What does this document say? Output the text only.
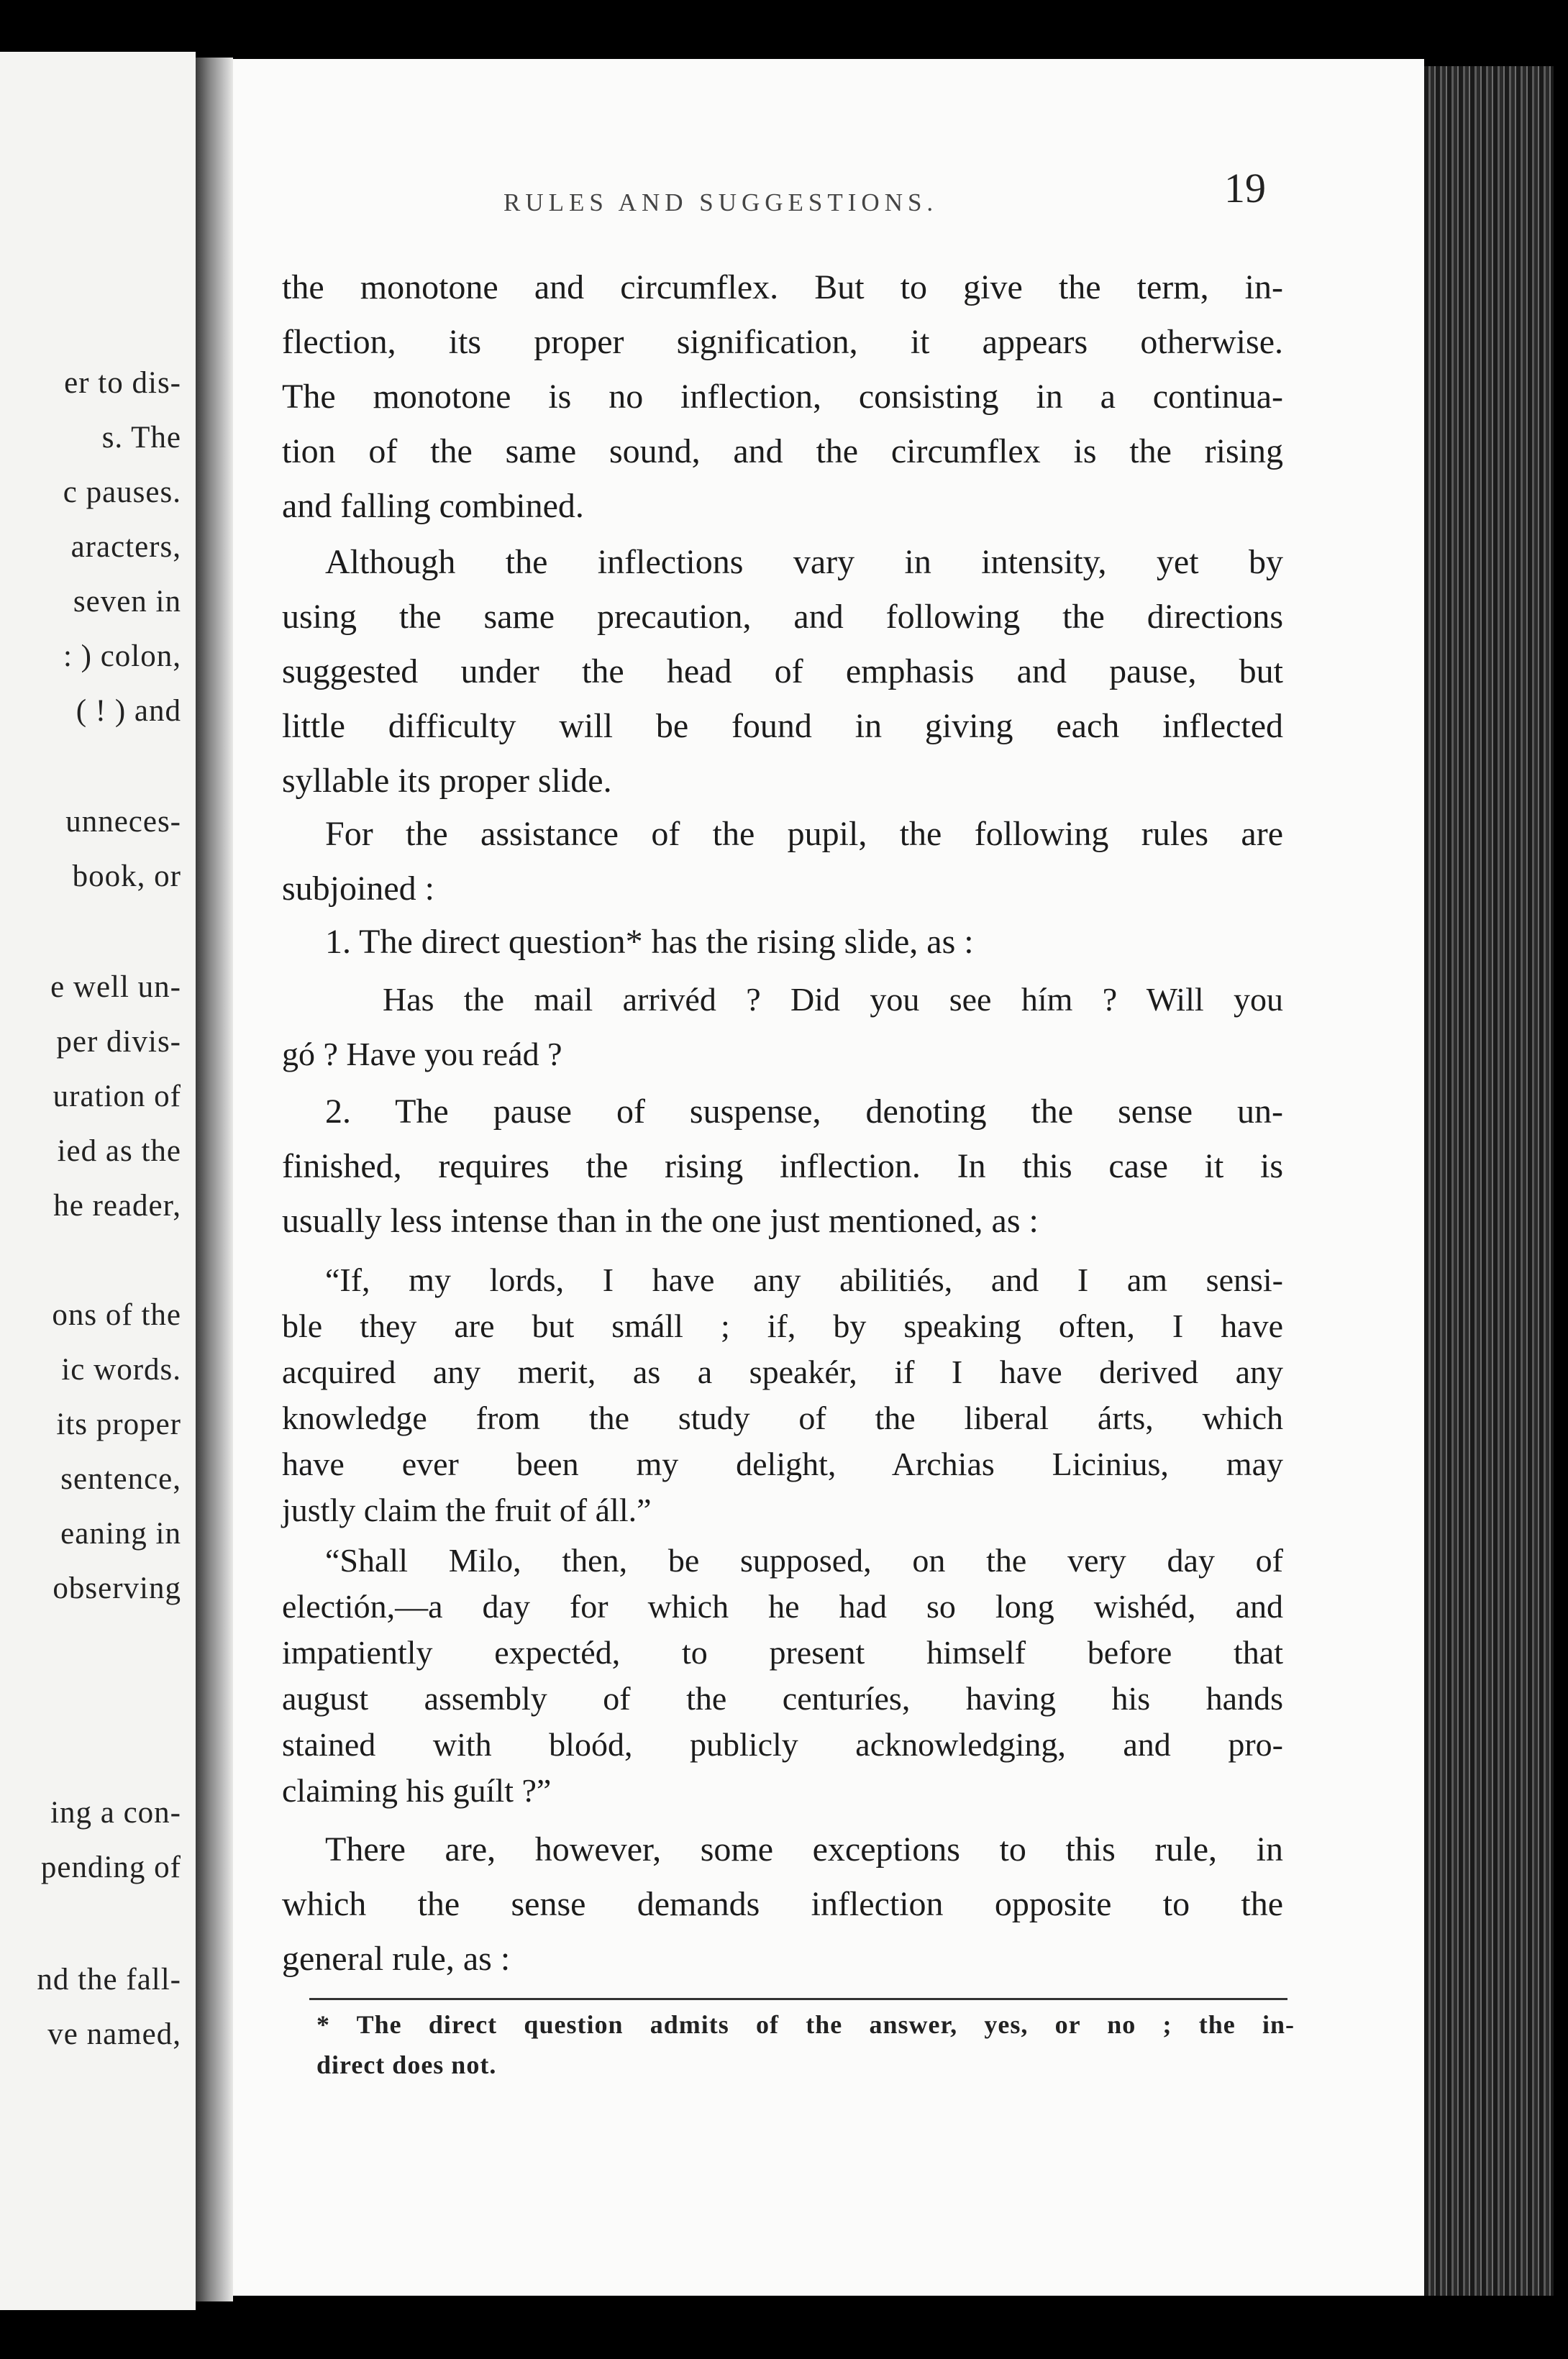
er to dis-
s. The
c pauses.
aracters,
seven in
: ) colon,
( ! ) and
unneces-
book, or
e well un-
per divis-
uration of
ied as the
he reader,
ons of the
ic words.
its proper
sentence,
eaning in
observing
ing a con-
pending of
nd the fall-
ve named,
RULES AND SUGGESTIONS.	19
the monotone and circumflex. But to give the term, in-
flection, its proper signification, it appears otherwise.
The monotone is no inflection, consisting in a continua-
tion of the same sound, and the circumflex is the rising
and falling combined.
Although the inflections vary in intensity, yet by
using the same precaution, and following the directions
suggested under the head of emphasis and pause, but
little difficulty will be found in giving each inflected
syllable its proper slide.
For the assistance of the pupil, the following rules are
subjoined :
1. The direct question* has the rising slide, as :
Has the mail arrivéd ? Did you see hím ? Will you
gó ? Have you reád ?
2. The pause of suspense, denoting the sense un-
finished, requires the rising inflection. In this case it is
usually less intense than in the one just mentioned, as :
“If, my lords, I have any abilitiés, and I am sensi-
ble they are but smáll ; if, by speaking often, I have
acquired any merit, as a speakér, if I have derived any
knowledge from the study of the liberal árts, which
have ever been my delight, Archias Licinius, may
justly claim the fruit of áll.”
“Shall Milo, then, be supposed, on the very day of
electión,—a day for which he had so long wishéd, and
impatiently expectéd, to present himself before that
august assembly of the centuríes, having his hands
stained with bloód, publicly acknowledging, and pro-
claiming his guílt ?”
There are, however, some exceptions to this rule, in
which the sense demands inflection opposite to the
general rule, as :
* The direct question admits of the answer, yes, or no ; the in-
direct does not.
